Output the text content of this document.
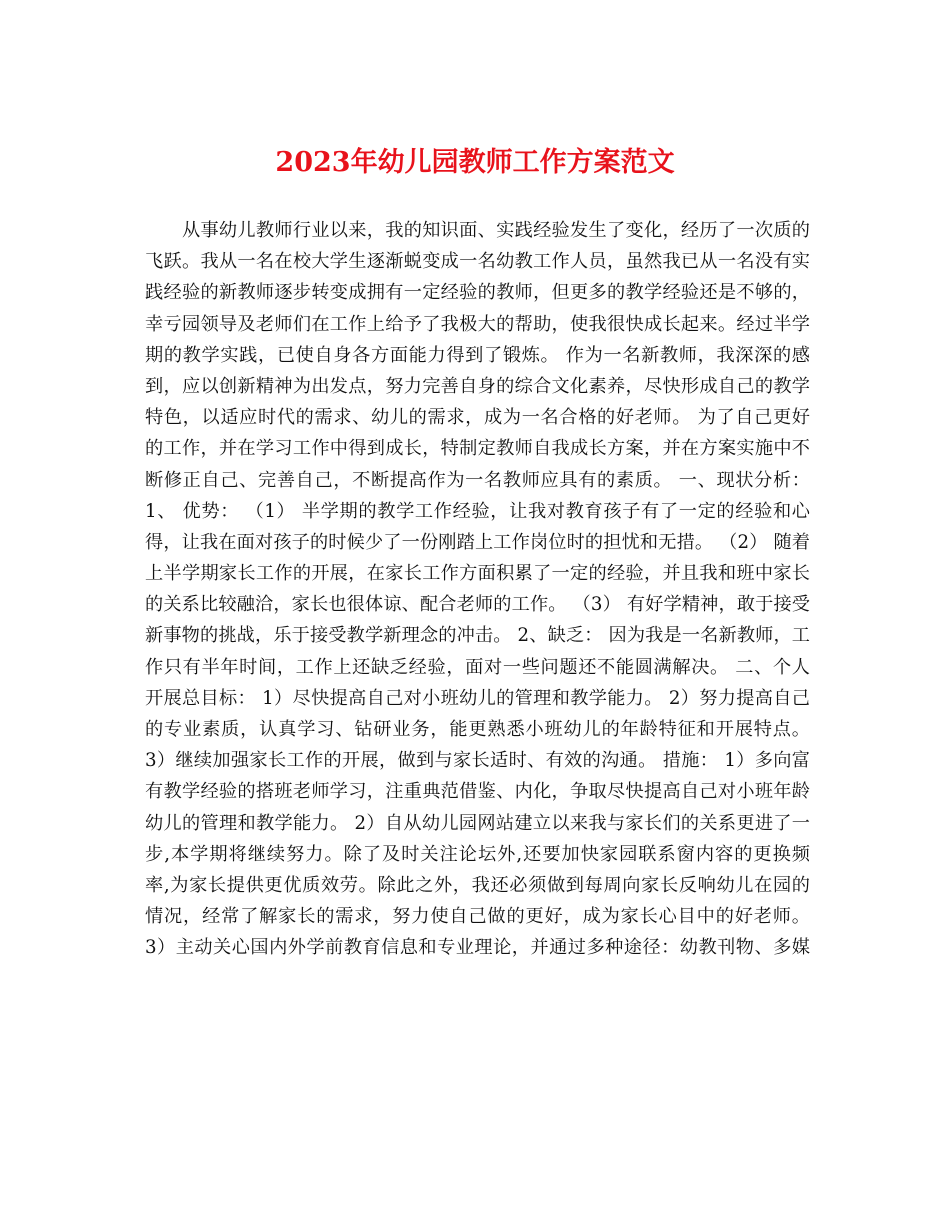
2023年幼儿园教师工作方案范文
　　从事幼儿教师行业以来，我的知识面、实践经验发生了变化，经历了一次质的
飞跃。我从一名在校大学生逐渐蜕变成一名幼教工作人员，虽然我已从一名没有实
践经验的新教师逐步转变成拥有一定经验的教师，但更多的教学经验还是不够的，
幸亏园领导及老师们在工作上给予了我极大的帮助，使我很快成长起来。经过半学
期的教学实践，已使自身各方面能力得到了锻炼。 作为一名新教师，我深深的感
到，应以创新精神为出发点，努力完善自身的综合文化素养，尽快形成自己的教学
特色，以适应时代的需求、幼儿的需求，成为一名合格的好老师。 为了自己更好
的工作，并在学习工作中得到成长，特制定教师自我成长方案，并在方案实施中不
断修正自己、完善自己，不断提高作为一名教师应具有的素质。 一、现状分析：
1、 优势： （1） 半学期的教学工作经验，让我对教育孩子有了一定的经验和心
得，让我在面对孩子的时候少了一份刚踏上工作岗位时的担忧和无措。 （2） 随着
上半学期家长工作的开展，在家长工作方面积累了一定的经验，并且我和班中家长
的关系比较融洽，家长也很体谅、配合老师的工作。 （3） 有好学精神，敢于接受
新事物的挑战，乐于接受教学新理念的冲击。 2、缺乏： 因为我是一名新教师，工
作只有半年时间，工作上还缺乏经验，面对一些问题还不能圆满解决。 二、个人
开展总目标： 1）尽快提高自己对小班幼儿的管理和教学能力。 2）努力提高自己
的专业素质，认真学习、钻研业务，能更熟悉小班幼儿的年龄特征和开展特点。
3）继续加强家长工作的开展，做到与家长适时、有效的沟通。 措施： 1）多向富
有教学经验的搭班老师学习，注重典范借鉴、内化，争取尽快提高自己对小班年龄
幼儿的管理和教学能力。 2）自从幼儿园网站建立以来我与家长们的关系更进了一
步,本学期将继续努力。除了及时关注论坛外,还要加快家园联系窗内容的更换频
率,为家长提供更优质效劳。除此之外，我还必须做到每周向家长反响幼儿在园的
情况，经常了解家长的需求，努力使自己做的更好，成为家长心目中的好老师。
3）主动关心国内外学前教育信息和专业理论，并通过多种途径：幼教刊物、多媒
